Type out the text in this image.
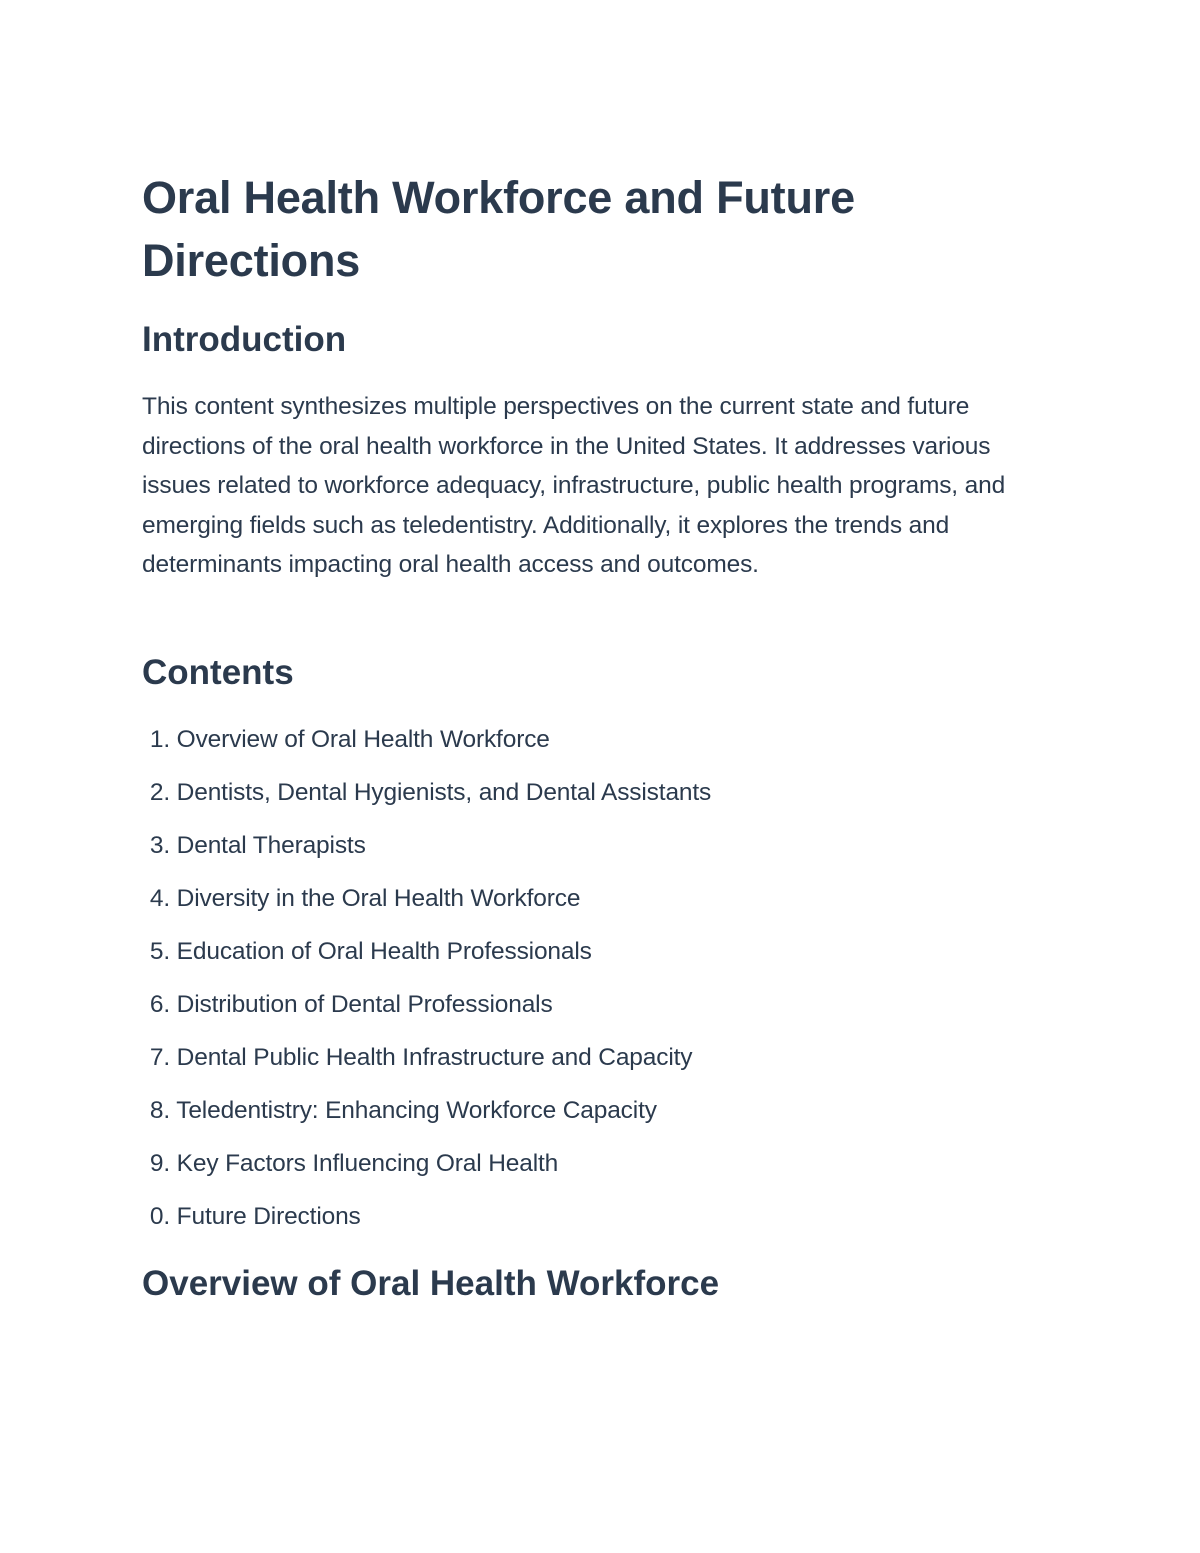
Oral Health Workforce and Future Directions
Introduction

This content synthesizes multiple perspectives on the current state and future directions of the oral health workforce in the United States. It addresses various issues related to workforce adequacy, infrastructure, public health programs, and emerging fields such as teledentistry. Additionally, it explores the trends and determinants impacting oral health access and outcomes.

Contents
1. Overview of Oral Health Workforce
2. Dentists, Dental Hygienists, and Dental Assistants
3. Dental Therapists
4. Diversity in the Oral Health Workforce
5. Education of Oral Health Professionals
6. Distribution of Dental Professionals
7. Dental Public Health Infrastructure and Capacity
8. Teledentistry: Enhancing Workforce Capacity
9. Key Factors Influencing Oral Health
0. Future Directions
Overview of Oral Health Workforce
